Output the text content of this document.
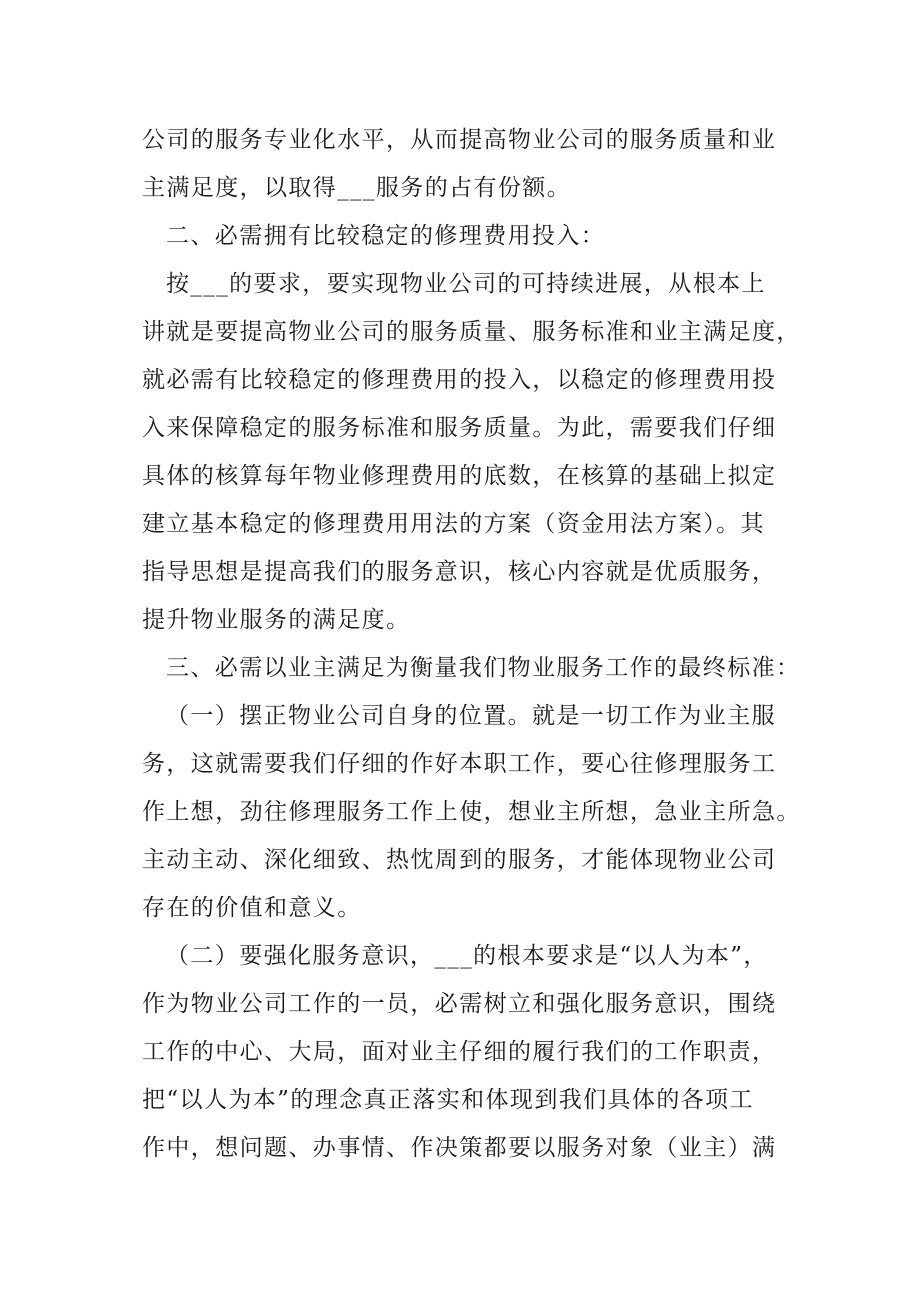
公司的服务专业化水平，从而提高物业公司的服务质量和业
主满足度，以取得___服务的占有份额。
二、必需拥有比较稳定的修理费用投入：
按___的要求，要实现物业公司的可持续进展，从根本上
讲就是要提高物业公司的服务质量、服务标准和业主满足度，
就必需有比较稳定的修理费用的投入，以稳定的修理费用投
入来保障稳定的服务标准和服务质量。为此，需要我们仔细
具体的核算每年物业修理费用的底数，在核算的基础上拟定
建立基本稳定的修理费用用法的方案（资金用法方案）。其
指导思想是提高我们的服务意识，核心内容就是优质服务，
提升物业服务的满足度。
三、必需以业主满足为衡量我们物业服务工作的最终标准：
（一）摆正物业公司自身的位置。就是一切工作为业主服
务，这就需要我们仔细的作好本职工作，要心往修理服务工
作上想，劲往修理服务工作上使，想业主所想，急业主所急。
主动主动、深化细致、热忱周到的服务，才能体现物业公司
存在的价值和意义。
（二）要强化服务意识，___的根本要求是“以人为本”，
作为物业公司工作的一员，必需树立和强化服务意识，围绕
工作的中心、大局，面对业主仔细的履行我们的工作职责，
把“以人为本”的理念真正落实和体现到我们具体的各项工
作中，想问题、办事情、作决策都要以服务对象（业主）满
